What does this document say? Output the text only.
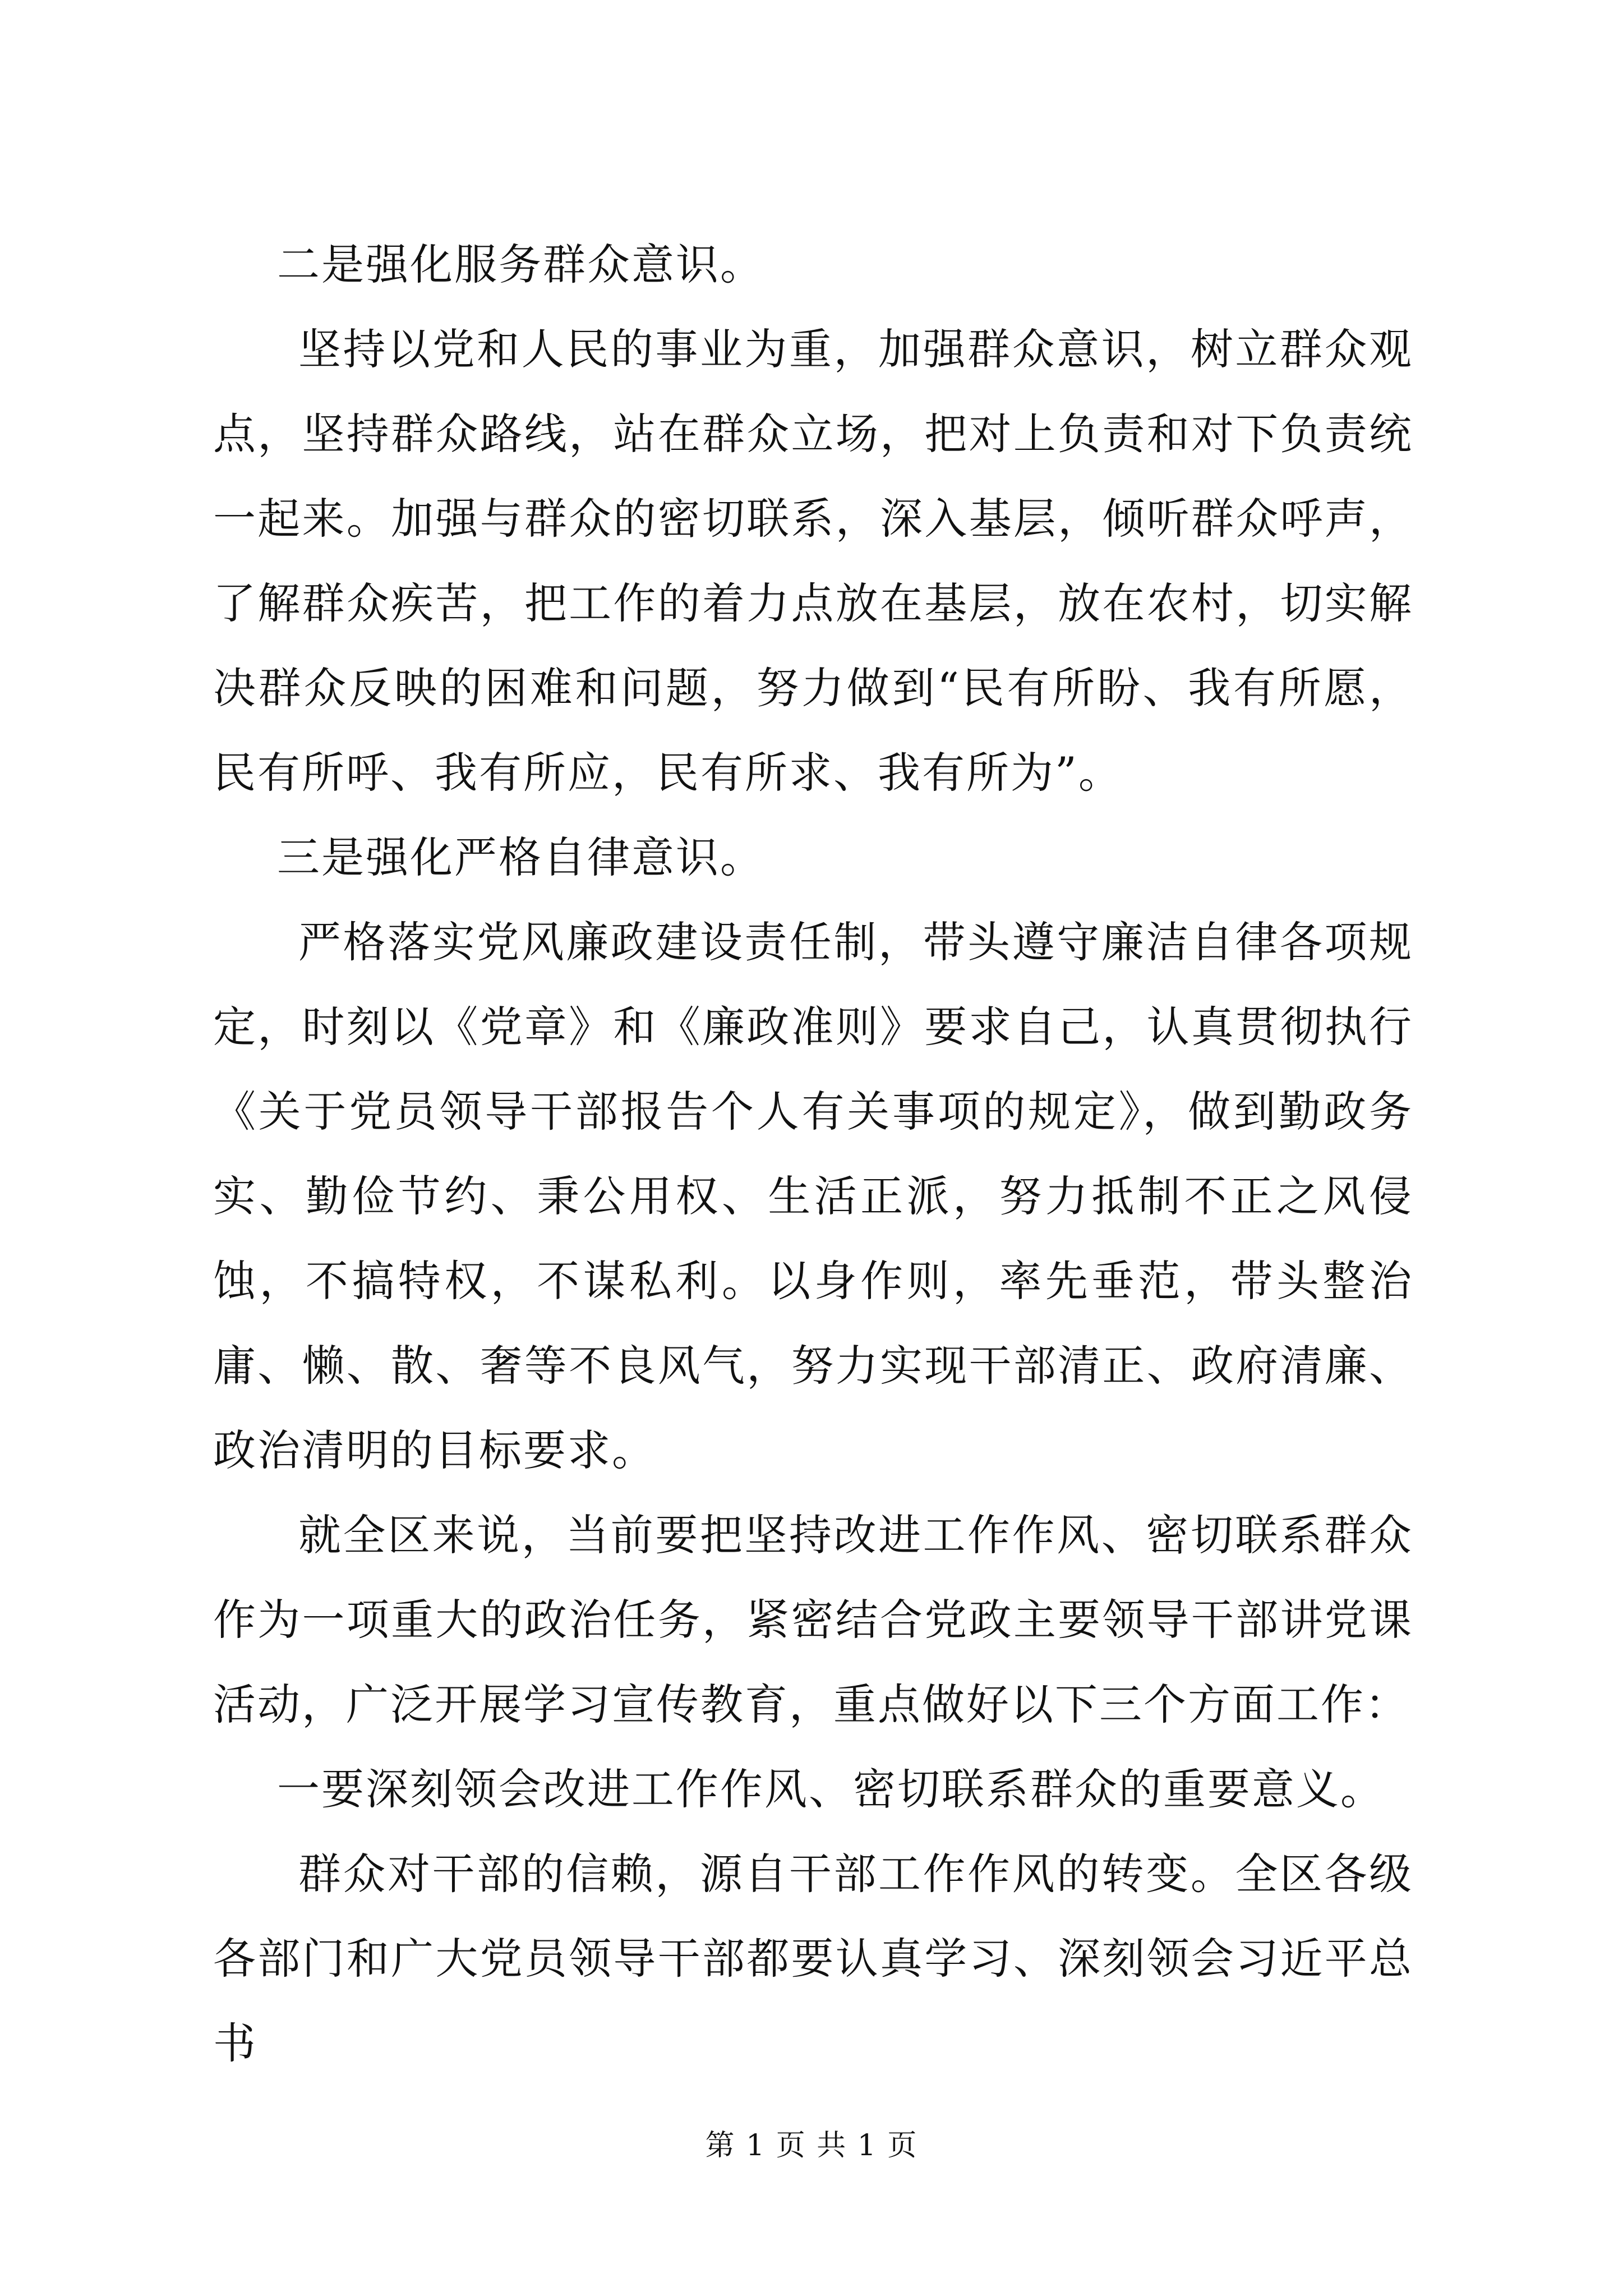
二是强化服务群众意识。

坚持以党和人民的事业为重，加强群众意识，树立群众观点，坚持群众路线，站在群众立场，把对上负责和对下负责统一起来。加强与群众的密切联系，深入基层，倾听群众呼声，了解群众疾苦，把工作的着力点放在基层，放在农村，切实解决群众反映的困难和问题，努力做到“民有所盼、我有所愿，民有所呼、我有所应，民有所求、我有所为”。

三是强化严格自律意识。

严格落实党风廉政建设责任制，带头遵守廉洁自律各项规定，时刻以《党章》和《廉政准则》要求自己，认真贯彻执行《关于党员领导干部报告个人有关事项的规定》，做到勤政务实、勤俭节约、秉公用权、生活正派，努力抵制不正之风侵蚀，不搞特权，不谋私利。以身作则，率先垂范，带头整治庸、懒、散、奢等不良风气，努力实现干部清正、政府清廉、政治清明的目标要求。

就全区来说，当前要把坚持改进工作作风、密切联系群众作为一项重大的政治任务，紧密结合党政主要领导干部讲党课活动，广泛开展学习宣传教育，重点做好以下三个方面工作：

一要深刻领会改进工作作风、密切联系群众的重要意义。

群众对干部的信赖，源自干部工作作风的转变。全区各级各部门和广大党员领导干部都要认真学习、深刻领会习近平总书

第 1 页 共 1 页
